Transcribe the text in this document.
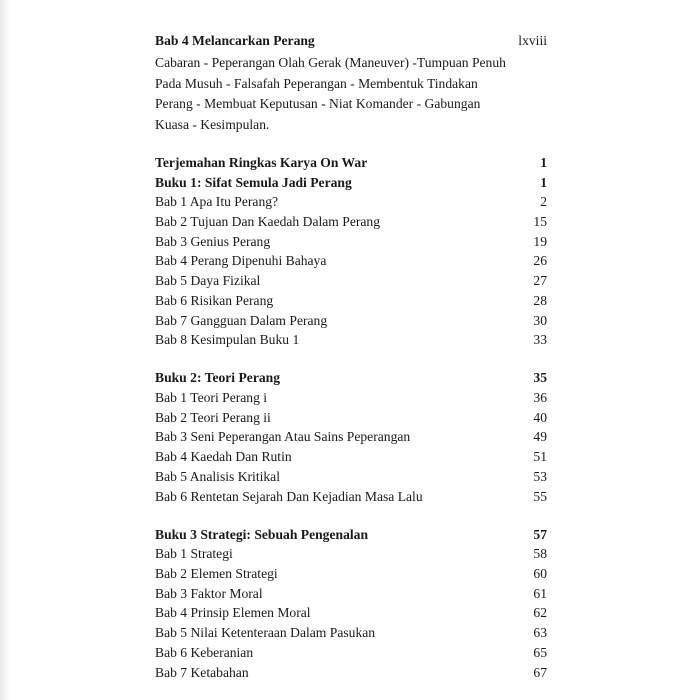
Bab 4 Melancarkan Perang	lxviii
Cabaran - Peperangan Olah Gerak (Maneuver) -Tumpuan Penuh Pada Musuh - Falsafah Peperangan - Membentuk Tindakan Perang - Membuat Keputusan - Niat Komander - Gabungan Kuasa - Kesimpulan.
Terjemahan Ringkas Karya On War	1
Buku 1: Sifat Semula Jadi Perang	1
Bab 1 Apa Itu Perang?	2
Bab 2 Tujuan Dan Kaedah Dalam Perang	15
Bab 3 Genius Perang	19
Bab 4 Perang Dipenuhi Bahaya	26
Bab 5 Daya Fizikal	27
Bab 6 Risikan Perang	28
Bab 7 Gangguan Dalam Perang	30
Bab 8 Kesimpulan Buku 1	33
Buku 2: Teori Perang	35
Bab 1 Teori Perang i	36
Bab 2 Teori Perang ii	40
Bab 3 Seni Peperangan Atau Sains Peperangan	49
Bab 4 Kaedah Dan Rutin	51
Bab 5 Analisis Kritikal	53
Bab 6 Rentetan Sejarah Dan Kejadian Masa Lalu	55
Buku 3 Strategi: Sebuah Pengenalan	57
Bab 1 Strategi	58
Bab 2 Elemen Strategi	60
Bab 3 Faktor Moral	61
Bab 4 Prinsip Elemen Moral	62
Bab 5 Nilai Ketenteraan Dalam Pasukan	63
Bab 6 Keberanian	65
Bab 7 Ketabahan	67
